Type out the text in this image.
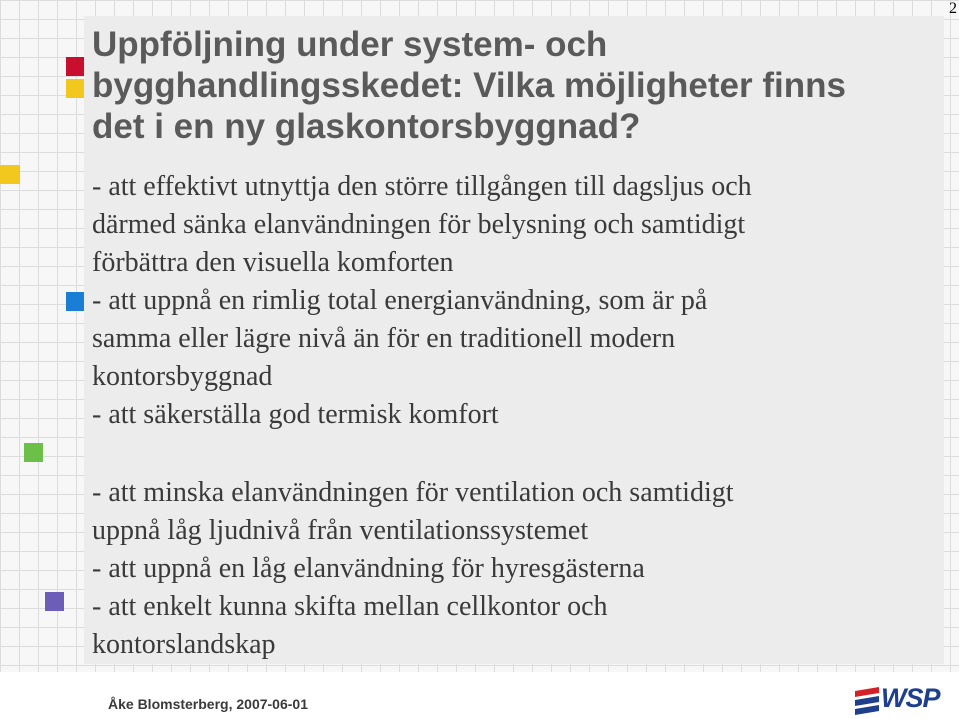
2
Uppföljning under system- och
bygghandlingsskedet: Vilka möjligheter finns
det i en ny glaskontorsbyggnad?
- att effektivt utnyttja den större tillgången till dagsljus och
därmed sänka elanvändningen för belysning och samtidigt
förbättra den visuella komforten
- att uppnå en rimlig total energianvändning, som är på
samma eller lägre nivå än för en traditionell modern
kontorsbyggnad
- att säkerställa god termisk komfort
- att minska elanvändningen för ventilation och samtidigt
uppnå låg ljudnivå från ventilationssystemet
- att uppnå en låg elanvändning för hyresgästerna
- att enkelt kunna skifta mellan cellkontor och
kontorslandskap
Åke Blomsterberg, 2007-06-01	WSP
